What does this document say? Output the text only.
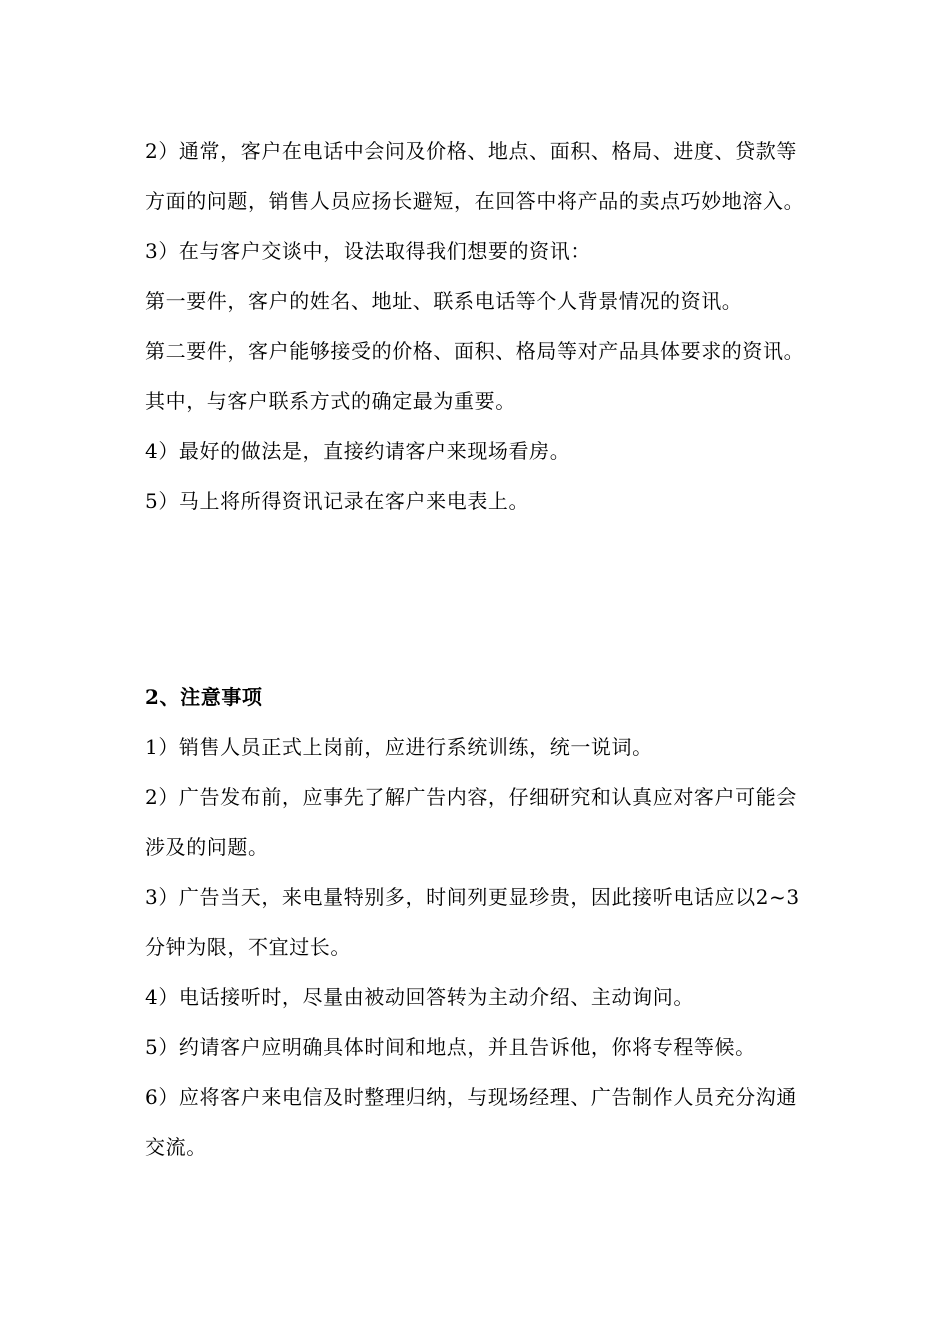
2）通常，客户在电话中会问及价格、地点、面积、格局、进度、贷款等方面的问题，销售人员应扬长避短，在回答中将产品的卖点巧妙地溶入。

3）在与客户交谈中，设法取得我们想要的资讯：

第一要件，客户的姓名、地址、联系电话等个人背景情况的资讯。

第二要件，客户能够接受的价格、面积、格局等对产品具体要求的资讯。

其中，与客户联系方式的确定最为重要。

4）最好的做法是，直接约请客户来现场看房。

5）马上将所得资讯记录在客户来电表上。

2、注意事项

1）销售人员正式上岗前，应进行系统训练，统一说词。

2）广告发布前，应事先了解广告内容，仔细研究和认真应对客户可能会涉及的问题。

3）广告当天，来电量特别多，时间列更显珍贵，因此接听电话应以2~3分钟为限，不宜过长。

4）电话接听时，尽量由被动回答转为主动介绍、主动询问。

5）约请客户应明确具体时间和地点，并且告诉他，你将专程等候。

6）应将客户来电信及时整理归纳，与现场经理、广告制作人员充分沟通交流。
